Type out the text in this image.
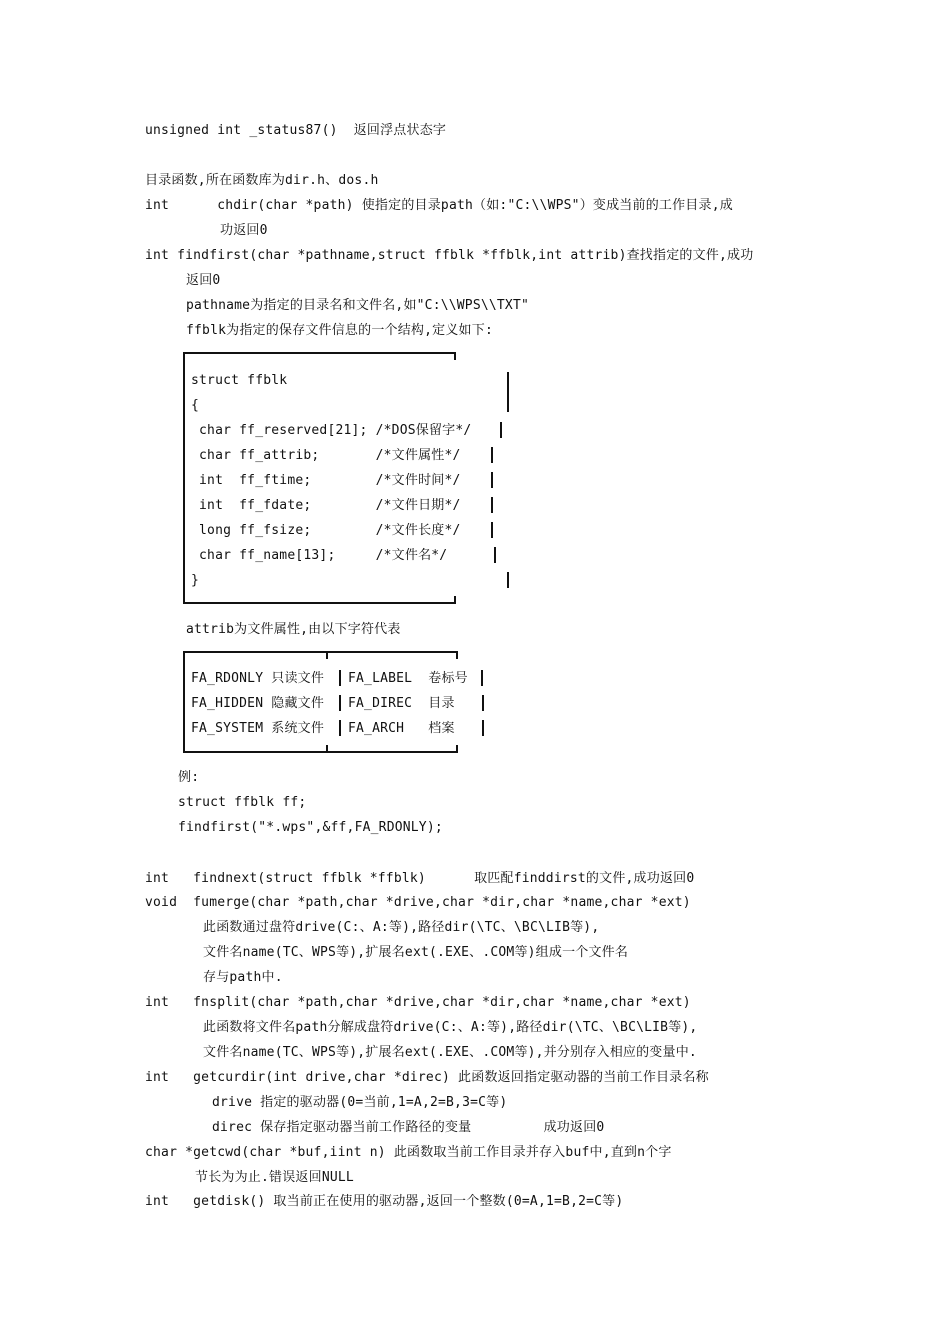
unsigned int _status87()  返回浮点状态字
目录函数,所在函数库为dir.h、dos.h
int      chdir(char *path) 使指定的目录path（如:"C:\\WPS"）变成当前的工作目录,成
功返回0
int findfirst(char *pathname,struct ffblk *ffblk,int attrib)查找指定的文件,成功
返回0
pathname为指定的目录名和文件名,如"C:\\WPS\\TXT"
ffblk为指定的保存文件信息的一个结构,定义如下:
struct ffblk
{
char ff_reserved[21]; /*DOS保留字*/
char ff_attrib;       /*文件属性*/
int  ff_ftime;        /*文件时间*/
int  ff_fdate;        /*文件日期*/
long ff_fsize;        /*文件长度*/
char ff_name[13];     /*文件名*/
}
attrib为文件属性,由以下字符代表
FA_RDONLY 只读文件 FA_LABEL  卷标号
FA_HIDDEN 隐藏文件 FA_DIREC  目录
FA_SYSTEM 系统文件 FA_ARCH   档案
例:
struct ffblk ff;
findfirst("*.wps",&ff,FA_RDONLY);
int   findnext(struct ffblk *ffblk)      取匹配finddirst的文件,成功返回0
void  fumerge(char *path,char *drive,char *dir,char *name,char *ext)
此函数通过盘符drive(C:、A:等),路径dir(\TC、\BC\LIB等),
文件名name(TC、WPS等),扩展名ext(.EXE、.COM等)组成一个文件名
存与path中.
int   fnsplit(char *path,char *drive,char *dir,char *name,char *ext)
此函数将文件名path分解成盘符drive(C:、A:等),路径dir(\TC、\BC\LIB等),
文件名name(TC、WPS等),扩展名ext(.EXE、.COM等),并分别存入相应的变量中.
int   getcurdir(int drive,char *direc) 此函数返回指定驱动器的当前工作目录名称
drive 指定的驱动器(0=当前,1=A,2=B,3=C等)
direc 保存指定驱动器当前工作路径的变量         成功返回0
char *getcwd(char *buf,iint n) 此函数取当前工作目录并存入buf中,直到n个字
节长为为止.错误返回NULL
int   getdisk() 取当前正在使用的驱动器,返回一个整数(0=A,1=B,2=C等)
